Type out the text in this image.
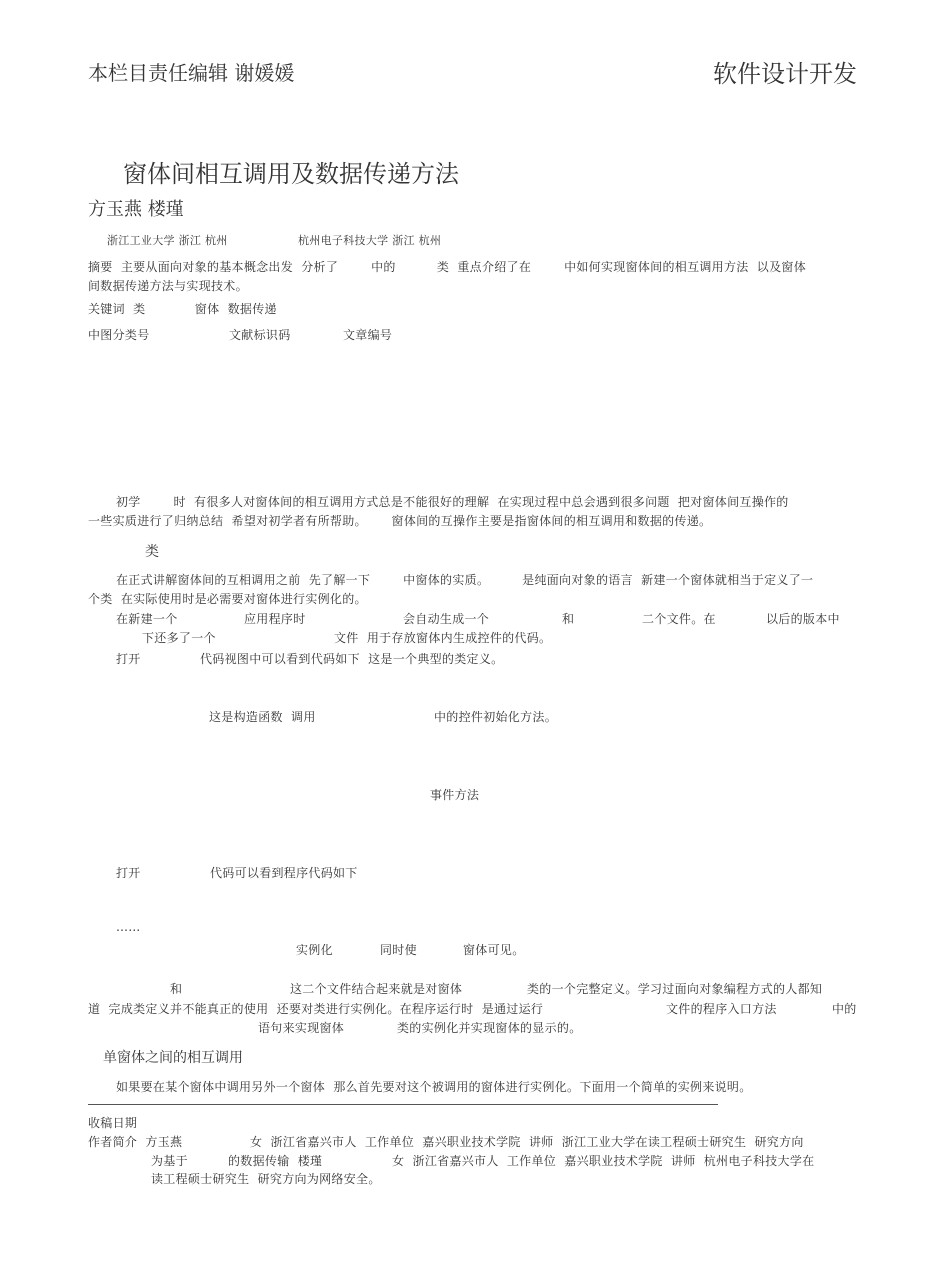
本栏目责任编辑 谢媛媛	软件设计开发
窗体间相互调用及数据传递方法
方玉燕 楼瑾
浙江工业大学 浙江 杭州	杭州电子科技大学 浙江 杭州
摘要  主要从面向对象的基本概念出发  分析了        中的          类  重点介绍了在        中如何实现窗体间的相互调用方法  以及窗体
间数据传递方法与实现技术。
关键词  类            窗体  数据传递
中图分类号	文献标识码	文章编号
初学        时  有很多人对窗体间的相互调用方式总是不能很好的理解  在实现过程中总会遇到很多问题  把对窗体间互操作的
一些实质进行了归纳总结  希望对初学者有所帮助。      窗体间的互操作主要是指窗体间的相互调用和数据的传递。
类
在正式讲解窗体间的互相调用之前  先了解一下        中窗体的实质。        是纯面向对象的语言  新建一个窗体就相当于定义了一
个类  在实际使用时是必需要对窗体进行实例化的。
在新建一个	应用程序时	会自动生成一个	和	二个文件。在	以后的版本中
下还多了一个	文件  用于存放窗体内生成控件的代码。
打开	代码视图中可以看到代码如下  这是一个典型的类定义。
这是构造函数  调用	中的控件初始化方法。
事件方法
打开	代码可以看到程序代码如下
……
实例化	同时使	窗体可见。
和	这二个文件结合起来就是对窗体	类的一个完整定义。学习过面向对象编程方式的人都知
道  完成类定义并不能真正的使用  还要对类进行实例化。在程序运行时  是通过运行	文件的程序入口方法	中的
语句来实现窗体	类的实例化并实现窗体的显示的。
单窗体之间的相互调用
如果要在某个窗体中调用另外一个窗体  那么首先要对这个被调用的窗体进行实例化。下面用一个简单的实例来说明。
收稿日期
作者简介  方玉燕	女  浙江省嘉兴市人  工作单位  嘉兴职业技术学院  讲师  浙江工业大学在读工程硕士研究生  研究方向
为基于	的数据传输  楼瑾	女  浙江省嘉兴市人  工作单位  嘉兴职业技术学院  讲师  杭州电子科技大学在
读工程硕士研究生  研究方向为网络安全。
